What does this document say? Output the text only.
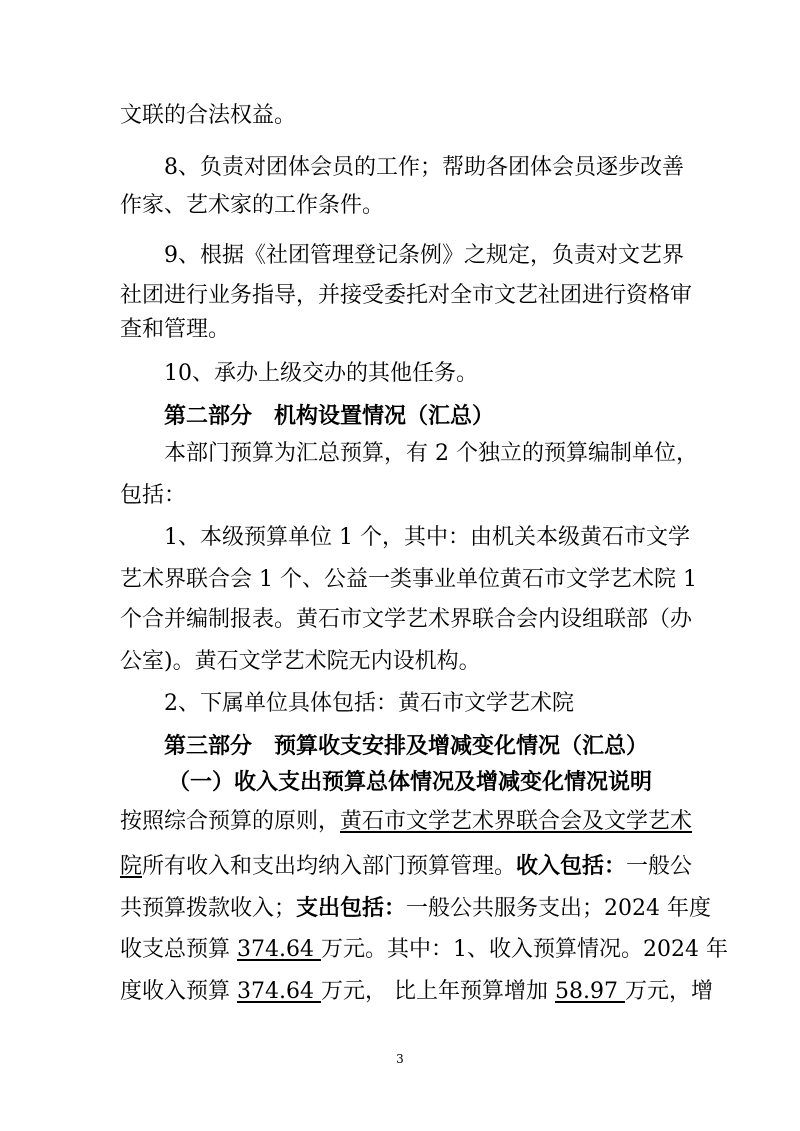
文联的合法权益。
8、负责对团体会员的工作；帮助各团体会员逐步改善
作家、艺术家的工作条件。
9、根据《社团管理登记条例》之规定，负责对文艺界
社团进行业务指导，并接受委托对全市文艺社团进行资格审
查和管理。
10、承办上级交办的其他任务。
第二部分　机构设置情况（汇总）
本部门预算为汇总预算，有 2 个独立的预算编制单位，
包括：
1、本级预算单位 1 个，其中：由机关本级黄石市文学
艺术界联合会 1 个、公益一类事业单位黄石市文学艺术院 1
个合并编制报表。黄石市文学艺术界联合会内设组联部（办
公室)。黄石文学艺术院无内设机构。
2、下属单位具体包括：黄石市文学艺术院
第三部分　预算收支安排及增减变化情况（汇总）
（一）收入支出预算总体情况及增减变化情况说明
按照综合预算的原则，黄石市文学艺术界联合会及文学艺术
院所有收入和支出均纳入部门预算管理。收入包括：一般公
共预算拨款收入；支出包括：一般公共服务支出；2024 年度
收支总预算 374.64 万元。其中：1、收入预算情况。2024 年
度收入预算 374.64 万元， 比上年预算增加 58.97 万元，增
3
